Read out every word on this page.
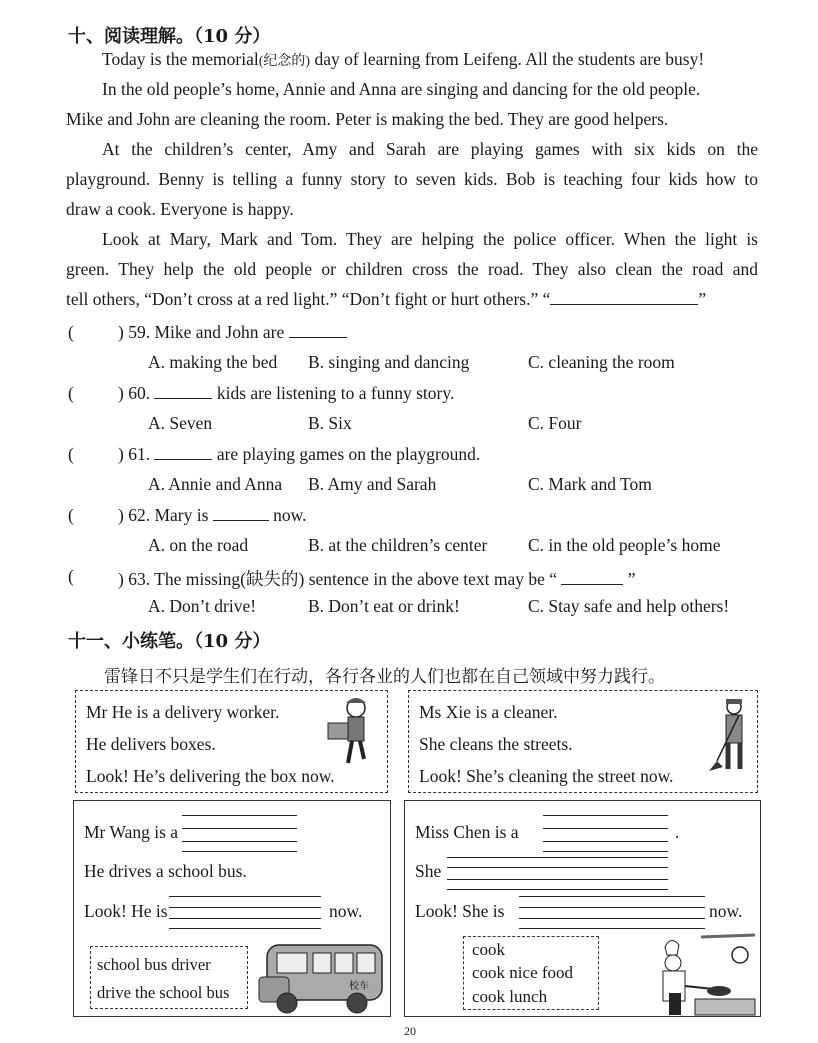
十、阅读理解。（10 分）
Today is the memorial(纪念的) day of learning from Leifeng. All the students are busy!
In the old people’s home, Annie and Anna are singing and dancing for the old people.
Mike and John are cleaning the room. Peter is making the bed. They are good helpers.
At the children’s center, Amy and Sarah are playing games with six kids on the
playground. Benny is telling a funny story to seven kids. Bob is teaching four kids how to
draw a cook. Everyone is happy.
Look at Mary, Mark and Tom. They are helping the police officer. When the light is
green. They help the old people or children cross the road. They also clean the road and
tell others, “Don’t cross at a red light.” “Don’t fight or hurt others.” “	”
(	) 59. Mike and John are
A. making the bed B. singing and dancing	C. cleaning the room
(	) 60.	kids are listening to a funny story.
A. Seven	B. Six	C. Four
(	) 61.	are playing games on the playground.
A. Annie and Anna B. Amy and Sarah	C. Mark and Tom
(	) 62. Mary is	now.
A. on the road	B. at the children’s center C. in the old people’s home
(	) 63. The missing(缺失的) sentence in the above text may be “	”
A. Don’t drive!	B. Don’t eat or drink!	C. Stay safe and help others!
十一、小练笔。（10 分）
雷锋日不只是学生们在行动，各行各业的人们也都在自己领域中努力践行。
Mr He is a delivery worker.
He delivers boxes.
Look! He’s delivering the box now.
Ms Xie is a cleaner.
She cleans the streets.
Look! She’s cleaning the street now.
Mr Wang is a
He drives a school bus.
Look! He is	now.
school bus driver
drive the school bus	校车
Miss Chen is a	.
She
Look! She is	now.
cook
cook nice food
cook lunch
20
